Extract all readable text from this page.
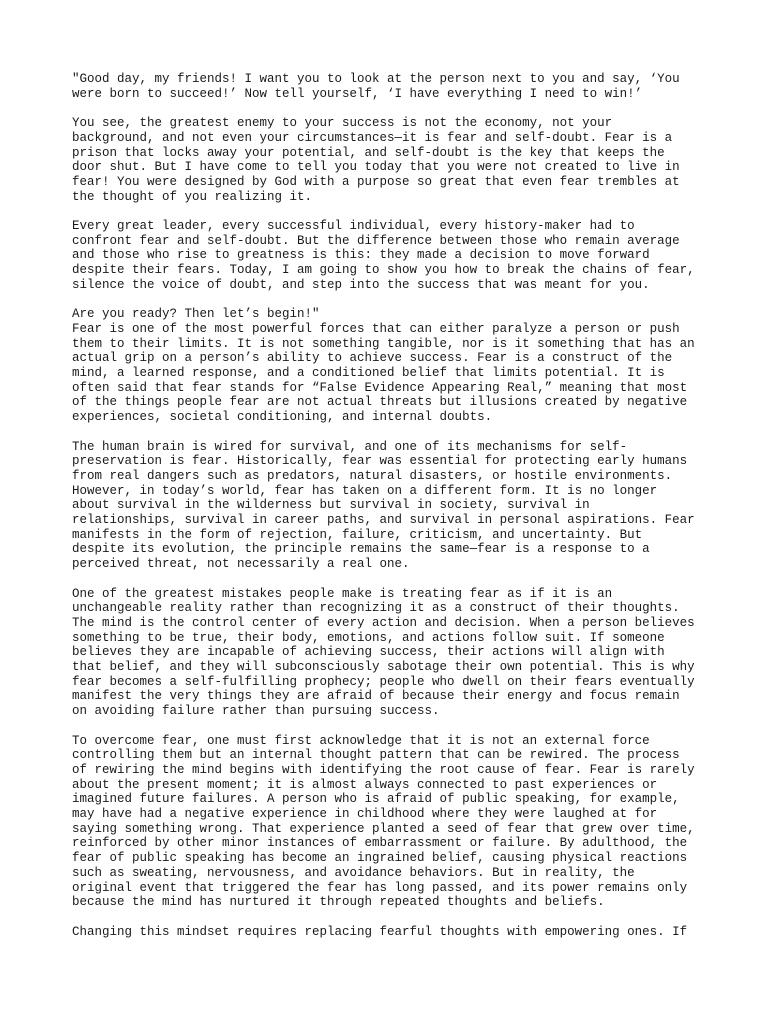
"Good day, my friends! I want you to look at the person next to you and say, ‘You
were born to succeed!’ Now tell yourself, ‘I have everything I need to win!’

You see, the greatest enemy to your success is not the economy, not your
background, and not even your circumstances—it is fear and self-doubt. Fear is a
prison that locks away your potential, and self-doubt is the key that keeps the
door shut. But I have come to tell you today that you were not created to live in
fear! You were designed by God with a purpose so great that even fear trembles at
the thought of you realizing it.

Every great leader, every successful individual, every history-maker had to
confront fear and self-doubt. But the difference between those who remain average
and those who rise to greatness is this: they made a decision to move forward
despite their fears. Today, I am going to show you how to break the chains of fear,
silence the voice of doubt, and step into the success that was meant for you.

Are you ready? Then let’s begin!"

Fear is one of the most powerful forces that can either paralyze a person or push
them to their limits. It is not something tangible, nor is it something that has an
actual grip on a person’s ability to achieve success. Fear is a construct of the
mind, a learned response, and a conditioned belief that limits potential. It is
often said that fear stands for “False Evidence Appearing Real,” meaning that most
of the things people fear are not actual threats but illusions created by negative
experiences, societal conditioning, and internal doubts.

The human brain is wired for survival, and one of its mechanisms for self-
preservation is fear. Historically, fear was essential for protecting early humans
from real dangers such as predators, natural disasters, or hostile environments.
However, in today’s world, fear has taken on a different form. It is no longer
about survival in the wilderness but survival in society, survival in
relationships, survival in career paths, and survival in personal aspirations. Fear
manifests in the form of rejection, failure, criticism, and uncertainty. But
despite its evolution, the principle remains the same—fear is a response to a
perceived threat, not necessarily a real one.

One of the greatest mistakes people make is treating fear as if it is an
unchangeable reality rather than recognizing it as a construct of their thoughts.
The mind is the control center of every action and decision. When a person believes
something to be true, their body, emotions, and actions follow suit. If someone
believes they are incapable of achieving success, their actions will align with
that belief, and they will subconsciously sabotage their own potential. This is why
fear becomes a self-fulfilling prophecy; people who dwell on their fears eventually
manifest the very things they are afraid of because their energy and focus remain
on avoiding failure rather than pursuing success.

To overcome fear, one must first acknowledge that it is not an external force
controlling them but an internal thought pattern that can be rewired. The process
of rewiring the mind begins with identifying the root cause of fear. Fear is rarely
about the present moment; it is almost always connected to past experiences or
imagined future failures. A person who is afraid of public speaking, for example,
may have had a negative experience in childhood where they were laughed at for
saying something wrong. That experience planted a seed of fear that grew over time,
reinforced by other minor instances of embarrassment or failure. By adulthood, the
fear of public speaking has become an ingrained belief, causing physical reactions
such as sweating, nervousness, and avoidance behaviors. But in reality, the
original event that triggered the fear has long passed, and its power remains only
because the mind has nurtured it through repeated thoughts and beliefs.

Changing this mindset requires replacing fearful thoughts with empowering ones. If
